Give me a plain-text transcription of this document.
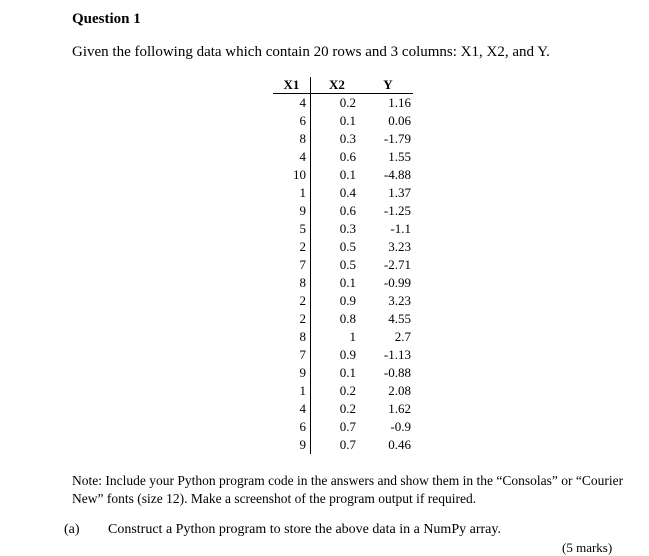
Question 1
Given the following data which contain 20 rows and 3 columns: X1, X2, and Y.
X1	X2	Y
4	0.2	1.16
6	0.1	0.06
8	0.3	-1.79
4	0.6	1.55
10	0.1	-4.88
1	0.4	1.37
9	0.6	-1.25
5	0.3	-1.1
2	0.5	3.23
7	0.5	-2.71
8	0.1	-0.99
2	0.9	3.23
2	0.8	4.55
8	1	2.7
7	0.9	-1.13
9	0.1	-0.88
1	0.2	2.08
4	0.2	1.62
6	0.7	-0.9
9	0.7	0.46
Note: Include your Python program code in the answers and show them in the “Consolas” or “Courier New” fonts (size 12). Make a screenshot of the program output if required.
(a) Construct a Python program to store the above data in a NumPy array.
(5 marks)
